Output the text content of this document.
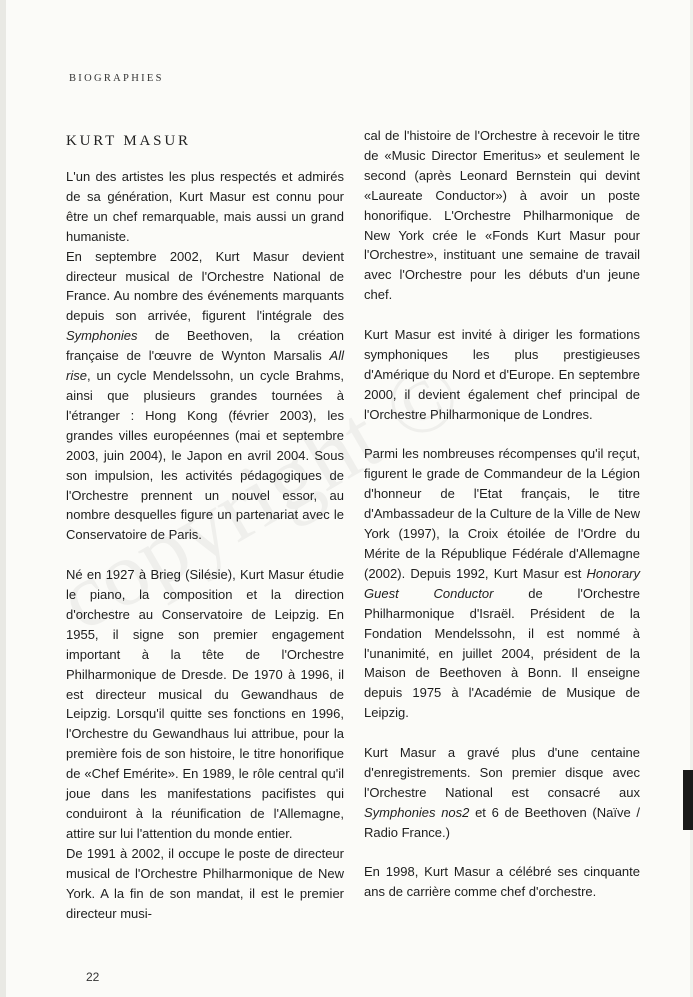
BIOGRAPHIES
KURT MASUR

L'un des artistes les plus respectés et admirés de sa génération, Kurt Masur est connu pour être un chef remarquable, mais aussi un grand humaniste.

En septembre 2002, Kurt Masur devient directeur musical de l'Orchestre National de France. Au nombre des événements marquants depuis son arrivée, figurent l'intégrale des Symphonies de Beethoven, la création française de l'œuvre de Wynton Marsalis All rise, un cycle Mendelssohn, un cycle Brahms, ainsi que plusieurs grandes tournées à l'étranger : Hong Kong (février 2003), les grandes villes européennes (mai et septembre 2003, juin 2004), le Japon en avril 2004. Sous son impulsion, les activités pédagogiques de l'Orchestre prennent un nouvel essor, au nombre desquelles figure un partenariat avec le Conservatoire de Paris.

Né en 1927 à Brieg (Silésie), Kurt Masur étudie le piano, la composition et la direction d'orchestre au Conservatoire de Leipzig. En 1955, il signe son premier engagement important à la tête de l'Orchestre Philharmonique de Dresde. De 1970 à 1996, il est directeur musical du Gewandhaus de Leipzig. Lorsqu'il quitte ses fonctions en 1996, l'Orchestre du Gewandhaus lui attribue, pour la première fois de son histoire, le titre honorifique de «Chef Emérite». En 1989, le rôle central qu'il joue dans les manifestations pacifistes qui conduiront à la réunification de l'Allemagne, attire sur lui l'attention du monde entier.

De 1991 à 2002, il occupe le poste de directeur musical de l'Orchestre Philharmonique de New York. A la fin de son mandat, il est le premier directeur musi-

cal de l'histoire de l'Orchestre à recevoir le titre de «Music Director Emeritus» et seulement le second (après Leonard Bernstein qui devint «Laureate Conductor») à avoir un poste honorifique. L'Orchestre Philharmonique de New York crée le «Fonds Kurt Masur pour l'Orchestre», instituant une semaine de travail avec l'Orchestre pour les débuts d'un jeune chef.

Kurt Masur est invité à diriger les formations symphoniques les plus prestigieuses d'Amérique du Nord et d'Europe. En septembre 2000, il devient également chef principal de l'Orchestre Philharmonique de Londres.

Parmi les nombreuses récompenses qu'il reçut, figurent le grade de Commandeur de la Légion d'honneur de l'Etat français, le titre d'Ambassadeur de la Culture de la Ville de New York (1997), la Croix étoilée de l'Ordre du Mérite de la République Fédérale d'Allemagne (2002). Depuis 1992, Kurt Masur est Honorary Guest Conductor de l'Orchestre Philharmonique d'Israël. Président de la Fondation Mendelssohn, il est nommé à l'unanimité, en juillet 2004, président de la Maison de Beethoven à Bonn. Il enseigne depuis 1975 à l'Académie de Musique de Leipzig.

Kurt Masur a gravé plus d'une centaine d'enregistrements. Son premier disque avec l'Orchestre National est consacré aux Symphonies nos2 et 6 de Beethoven (Naïve / Radio France.)

En 1998, Kurt Masur a célébré ses cinquante ans de carrière comme chef d'orchestre.

22
